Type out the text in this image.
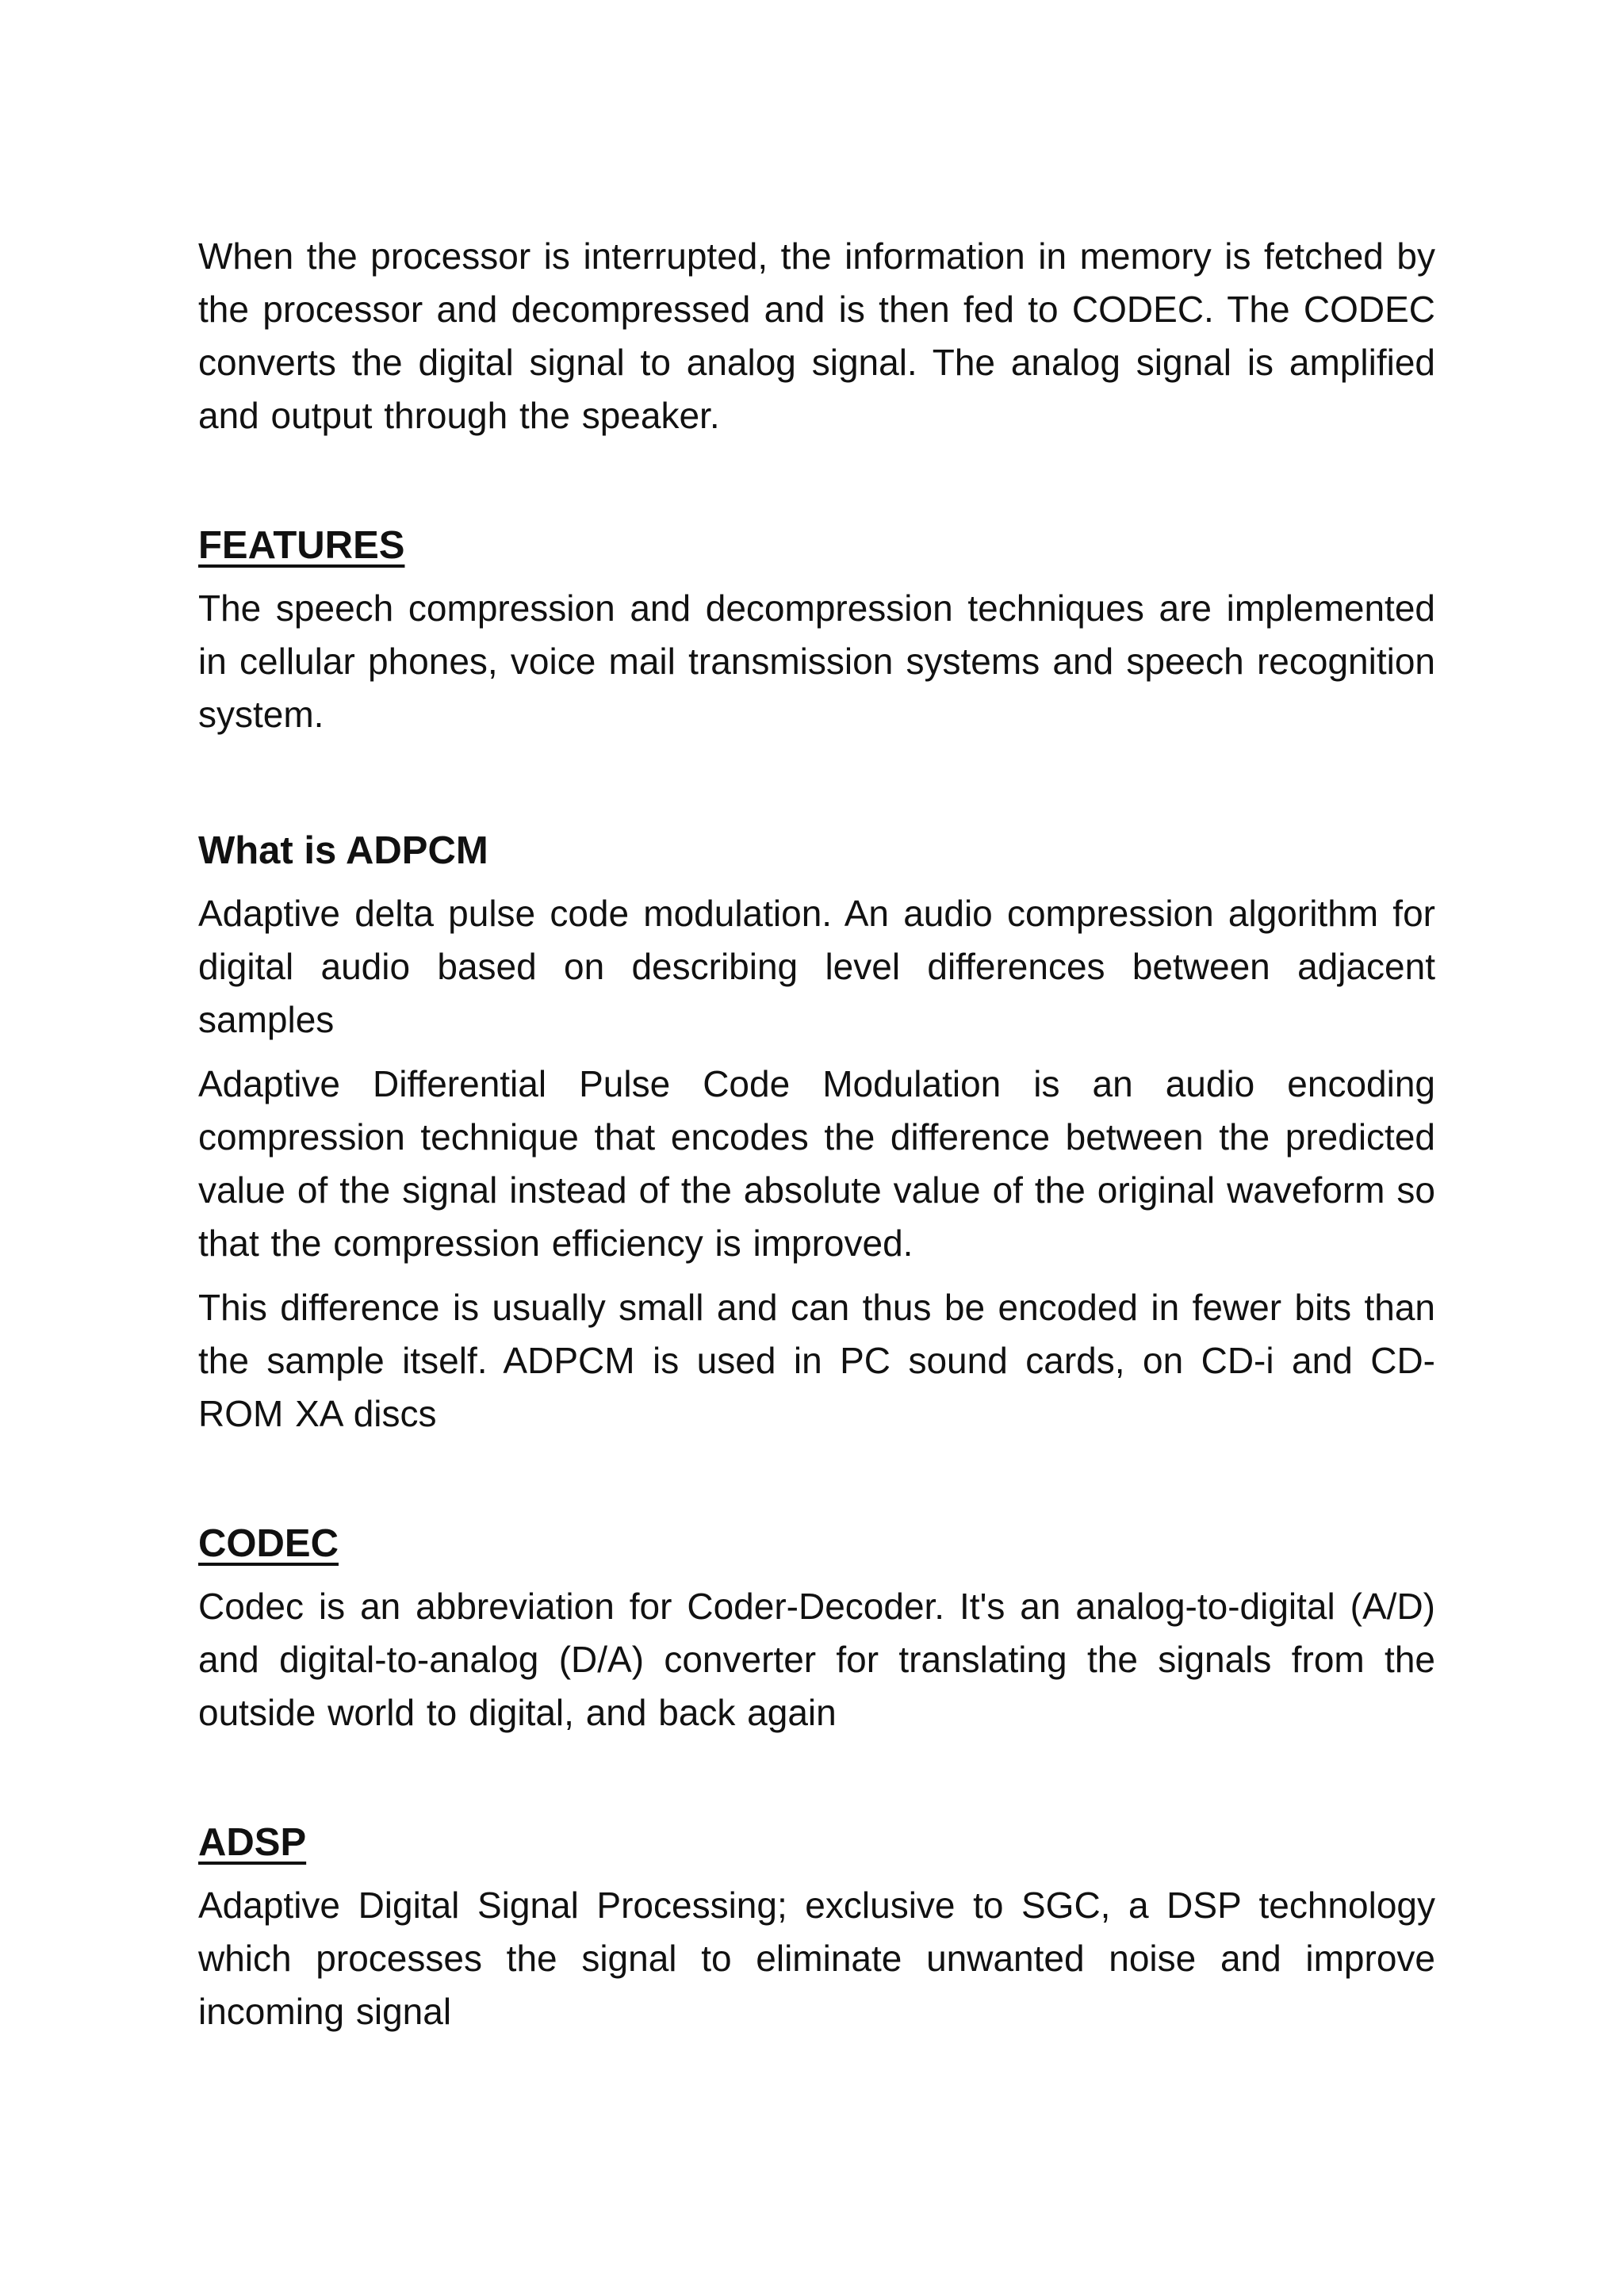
When the processor is interrupted, the information in memory is fetched by the processor and decompressed and is then fed to CODEC. The CODEC converts the digital signal to analog signal. The analog signal is amplified and output through the speaker.

FEATURES

The speech compression and decompression techniques are implemented in cellular phones, voice mail transmission systems and speech recognition system.

What is ADPCM

Adaptive delta pulse code modulation. An audio compression algorithm for digital audio based on describing level differences between adjacent samples

Adaptive Differential Pulse Code Modulation is an audio encoding compression technique that encodes the difference between the predicted value of the signal instead of the absolute value of the original waveform so that the compression efficiency is improved.

This difference is usually small and can thus be encoded in fewer bits than the sample itself. ADPCM is used in PC sound cards, on CD-i and CD-ROM XA discs

CODEC

Codec is an abbreviation for Coder-Decoder. It's an analog-to-digital (A/D) and digital-to-analog (D/A) converter for translating the signals from the outside world to digital, and back again

ADSP

Adaptive Digital Signal Processing; exclusive to SGC, a DSP technology which processes the signal to eliminate unwanted noise and improve incoming signal
